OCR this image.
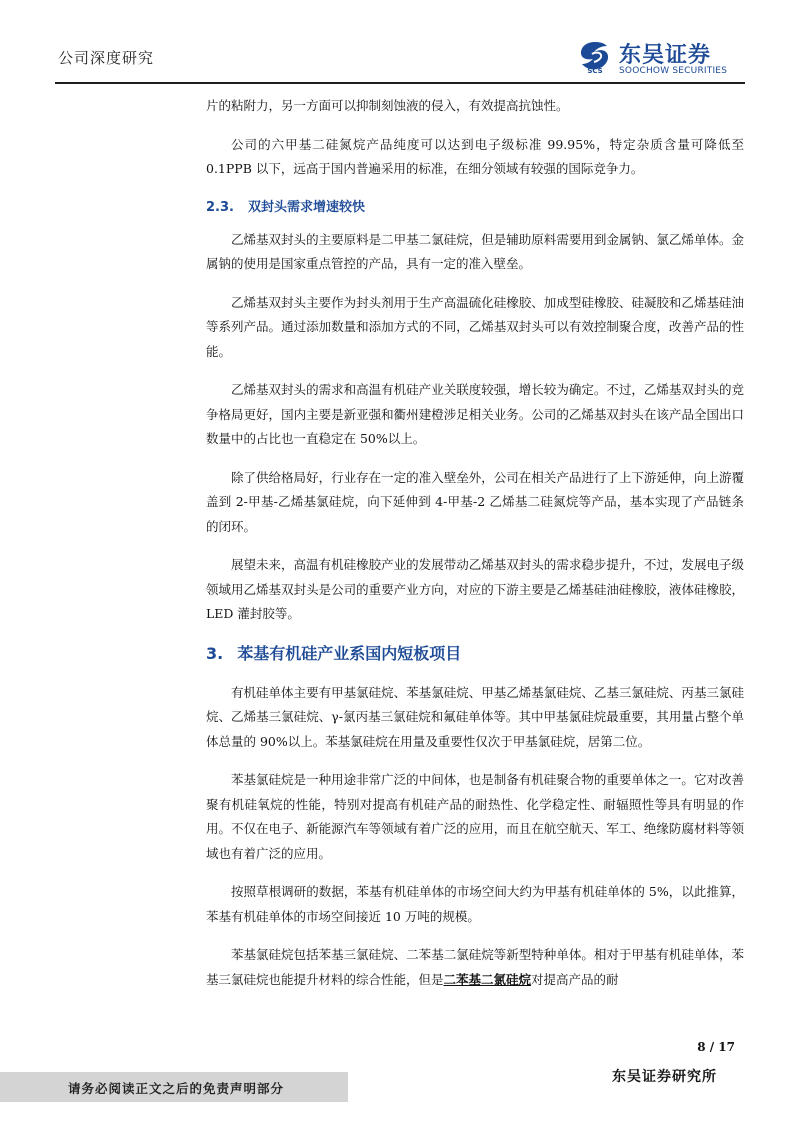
公司深度研究
SCS
东吴证券
SOOCHOW SECURITIES

片的粘附力，另一方面可以抑制刻蚀液的侵入，有效提高抗蚀性。

公司的六甲基二硅氮烷产品纯度可以达到电子级标准 99.95%，特定杂质含量可降低至 0.1PPB 以下，远高于国内普遍采用的标准，在细分领域有较强的国际竞争力。

2.3. 双封头需求增速较快

乙烯基双封头的主要原料是二甲基二氯硅烷，但是辅助原料需要用到金属钠、氯乙烯单体。金属钠的使用是国家重点管控的产品，具有一定的准入壁垒。

乙烯基双封头主要作为封头剂用于生产高温硫化硅橡胶、加成型硅橡胶、硅凝胶和乙烯基硅油等系列产品。通过添加数量和添加方式的不同，乙烯基双封头可以有效控制聚合度，改善产品的性能。

乙烯基双封头的需求和高温有机硅产业关联度较强，增长较为确定。不过，乙烯基双封头的竞争格局更好，国内主要是新亚强和衢州建橙涉足相关业务。公司的乙烯基双封头在该产品全国出口数量中的占比也一直稳定在 50%以上。

除了供给格局好，行业存在一定的准入壁垒外，公司在相关产品进行了上下游延伸，向上游覆盖到 2-甲基-乙烯基氯硅烷，向下延伸到 4-甲基-2 乙烯基二硅氮烷等产品，基本实现了产品链条的闭环。

展望未来，高温有机硅橡胶产业的发展带动乙烯基双封头的需求稳步提升，不过，发展电子级领域用乙烯基双封头是公司的重要产业方向，对应的下游主要是乙烯基硅油硅橡胶，液体硅橡胶，LED 灌封胶等。

3. 苯基有机硅产业系国内短板项目

有机硅单体主要有甲基氯硅烷、苯基氯硅烷、甲基乙烯基氯硅烷、乙基三氯硅烷、丙基三氯硅烷、乙烯基三氯硅烷、γ-氯丙基三氯硅烷和氟硅单体等。其中甲基氯硅烷最重要，其用量占整个单体总量的 90%以上。苯基氯硅烷在用量及重要性仅次于甲基氯硅烷，居第二位。

苯基氯硅烷是一种用途非常广泛的中间体，也是制备有机硅聚合物的重要单体之一。它对改善聚有机硅氧烷的性能，特别对提高有机硅产品的耐热性、化学稳定性、耐辐照性等具有明显的作用。不仅在电子、新能源汽车等领域有着广泛的应用，而且在航空航天、军工、绝缘防腐材料等领域也有着广泛的应用。

按照草根调研的数据，苯基有机硅单体的市场空间大约为甲基有机硅单体的 5%，以此推算，苯基有机硅单体的市场空间接近 10 万吨的规模。

苯基氯硅烷包括苯基三氯硅烷、二苯基二氯硅烷等新型特种单体。相对于甲基有机硅单体，苯基三氯硅烷也能提升材料的综合性能，但是二苯基二氯硅烷对提高产品的耐

8 / 17
请务必阅读正文之后的免责声明部分
东吴证券研究所
